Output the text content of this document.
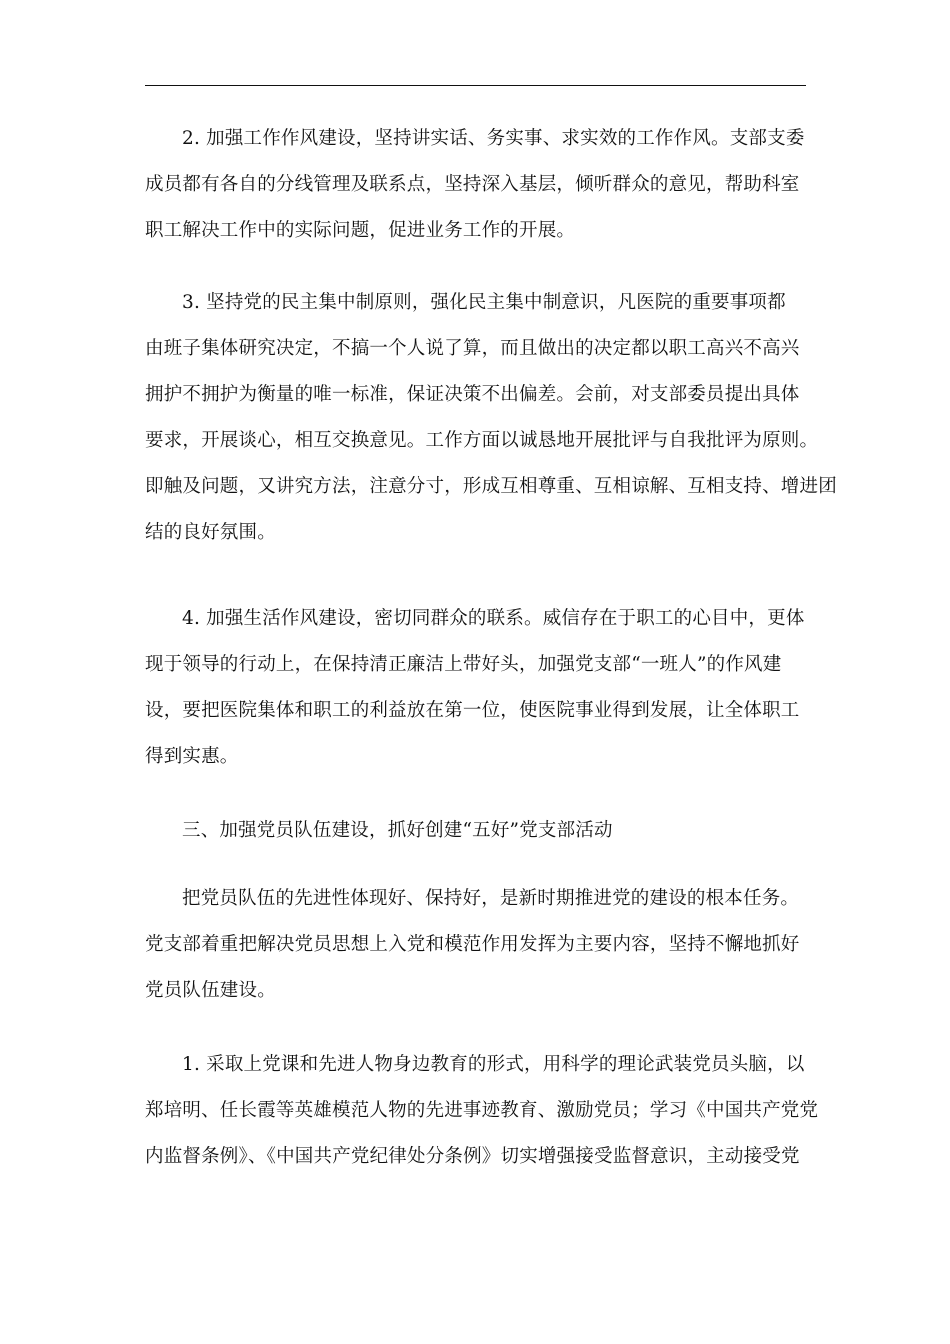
2. 加强工作作风建设，坚持讲实话、务实事、求实效的工作作风。支部支委
成员都有各自的分线管理及联系点，坚持深入基层，倾听群众的意见，帮助科室
职工解决工作中的实际问题，促进业务工作的开展。
3. 坚持党的民主集中制原则，强化民主集中制意识，凡医院的重要事项都
由班子集体研究决定，不搞一个人说了算，而且做出的决定都以职工高兴不高兴
拥护不拥护为衡量的唯一标准，保证决策不出偏差。会前，对支部委员提出具体
要求，开展谈心，相互交换意见。工作方面以诚恳地开展批评与自我批评为原则。
即触及问题，又讲究方法，注意分寸，形成互相尊重、互相谅解、互相支持、增进团
结的良好氛围。
4. 加强生活作风建设，密切同群众的联系。威信存在于职工的心目中，更体
现于领导的行动上，在保持清正廉洁上带好头，加强党支部“一班人”的作风建
设，要把医院集体和职工的利益放在第一位，使医院事业得到发展，让全体职工
得到实惠。
三、加强党员队伍建设，抓好创建“五好”党支部活动
把党员队伍的先进性体现好、保持好，是新时期推进党的建设的根本任务。
党支部着重把解决党员思想上入党和模范作用发挥为主要内容，坚持不懈地抓好
党员队伍建设。
1. 采取上党课和先进人物身边教育的形式，用科学的理论武装党员头脑，以
郑培明、任长霞等英雄模范人物的先进事迹教育、激励党员；学习《中国共产党党
内监督条例》、《中国共产党纪律处分条例》切实增强接受监督意识，主动接受党
